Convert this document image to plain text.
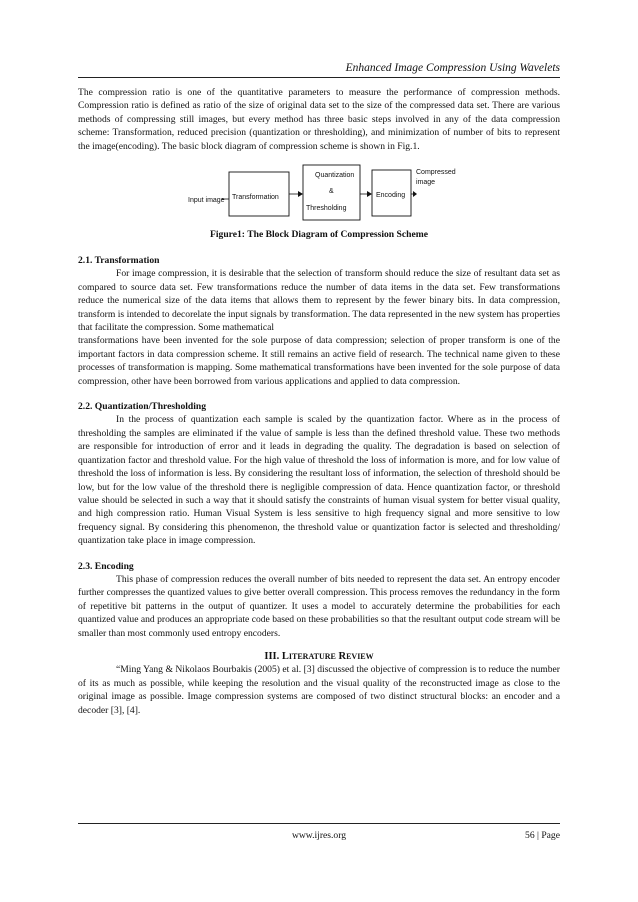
Enhanced Image Compression Using Wavelets

The compression ratio is one of the quantitative parameters to measure the performance of compression methods. Compression ratio is defined as ratio of the size of original data set to the size of the compressed data set. There are various methods of compressing still images, but every method has three basic steps involved in any of the data compression scheme: Transformation, reduced precision (quantization or thresholding), and minimization of number of bits to represent the image(encoding). The basic block diagram of compression scheme is shown in Fig.1.

Input image Transformation
Quantization
&
Thresholding
Encoding
Compressed
image
Figure1: The Block Diagram of Compression Scheme

2.1. Transformation

For image compression, it is desirable that the selection of transform should reduce the size of resultant data set as compared to source data set. Few transformations reduce the number of data items in the data set. Few transformations reduce the numerical size of the data items that allows them to represent by the fewer binary bits. In data compression, transform is intended to decorelate the input signals by transformation. The data represented in the new system has properties that facilitate the compression. Some mathematical

transformations have been invented for the sole purpose of data compression; selection of proper transform is one of the important factors in data compression scheme. It still remains an active field of research. The technical name given to these processes of transformation is mapping. Some mathematical transformations have been invented for the sole purpose of data compression, other have been borrowed from various applications and applied to data compression.

2.2. Quantization/Thresholding

In the process of quantization each sample is scaled by the quantization factor. Where as in the process of thresholding the samples are eliminated if the value of sample is less than the defined threshold value. These two methods are responsible for introduction of error and it leads in degrading the quality. The degradation is based on selection of quantization factor and threshold value. For the high value of threshold the loss of information is more, and for low value of threshold the loss of information is less. By considering the resultant loss of information, the selection of threshold should be low, but for the low value of the threshold there is negligible compression of data. Hence quantization factor, or threshold value should be selected in such a way that it should satisfy the constraints of human visual system for better visual quality, and high compression ratio. Human Visual System is less sensitive to high frequency signal and more sensitive to low frequency signal. By considering this phenomenon, the threshold value or quantization factor is selected and thresholding/ quantization take place in image compression.

2.3. Encoding

This phase of compression reduces the overall number of bits needed to represent the data set. An entropy encoder further compresses the quantized values to give better overall compression. This process removes the redundancy in the form of repetitive bit patterns in the output of quantizer. It uses a model to accurately determine the probabilities for each quantized value and produces an appropriate code based on these probabilities so that the resultant output code stream will be smaller than most commonly used entropy encoders.

III. LITERATURE REVIEW

“Ming Yang & Nikolaos Bourbakis (2005) et al. [3] discussed the objective of compression is to reduce the number of its as much as possible, while keeping the resolution and the visual quality of the reconstructed image as close to the original image as possible. Image compression systems are composed of two distinct structural blocks: an encoder and a decoder [3], [4].

www.ijres.org	56 | Page
